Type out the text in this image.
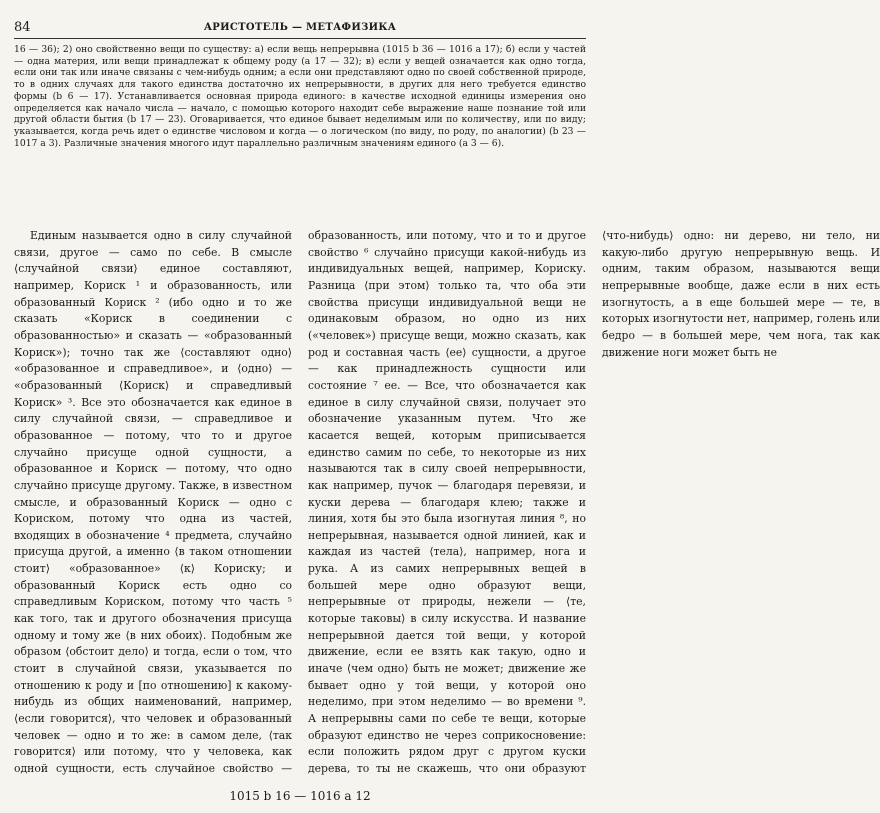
84	АРИСТОТЕЛЬ — МЕТАФИЗИКА

16 — 36); 2) оно свойственно вещи по существу: а) если вещь непрерывна (1015 b 36 — 1016 a 17); б) если у частей — одна материя, или вещи принадлежат к общему роду (a 17 — 32); в) если у вещей означается как одно тогда, если они так или иначе связаны с чем-нибудь одним; а если они представляют одно по своей собственной природе, то в одних случаях для такого единства достаточно их непрерывности, в других для него требуется единство формы (b 6 — 17). Устанавливается основная природа единого: в качестве исходной единицы измерения оно определяется как начало числа — начало, с помощью которого находит себе выражение наше познание той или другой области бытия (b 17 — 23). Оговаривается, что единое бывает неделимым или по количеству, или по виду; указывается, когда речь идет о единстве числовом и когда — о логическом (по виду, по роду, по аналогии) (b 23 — 1017 a 3). Различные значения многого идут параллельно различным значениям единого (a 3 — 6).

Единым называется одно в силу случайной связи, другое — само по себе. В смысле ⟨случайной связи⟩ единое составляют, например, Кориск ¹ и образованность, или образованный Кориск ² (ибо одно и то же сказать «Кориск в соединении с образованностью» и сказать — «образованный Кориск»); точно так же ⟨составляют одно⟩ «образованное и справедливое», и ⟨одно⟩ — «образованный ⟨Кориск⟩ и справедливый Кориск» ³. Все это обозначается как единое в силу случайной связи, — справедливое и образованное — потому, что то и другое случайно присуще одной сущности, а образованное и Кориск — потому, что одно случайно присуще другому. Также, в известном смысле, и образованный Кориск — одно с Кориском, потому что одна из частей, входящих в обозначение ⁴ предмета, случайно присуща другой, а именно ⟨в таком отношении стоит⟩ «образованное» ⟨к⟩ Кориску; и образованный Кориск есть одно со справедливым Кориском, потому что часть ⁵ как того, так и другого обозначения присуща одному и тому же ⟨в них обоих⟩. Подобным же образом ⟨обстоит дело⟩ и тогда, если о том, что стоит в случайной связи, указывается по отношению к роду и [по отношению] к какому-нибудь из общих наименований, например, ⟨если говорится⟩, что человек и образованный человек — одно и то же: в самом деле, ⟨так говорится⟩ или потому, что у человека, как одной сущности, есть случайное свойство — образованность, или потому, что и то и другое свойство ⁶ случайно присущи какой-нибудь из индивидуальных вещей, например, Кориску. Разница ⟨при этом⟩ только та, что оба эти свойства присущи индивидуальной вещи не одинаковым образом, но одно из них («человек») присуще вещи, можно сказать, как род и составная часть ⟨ее⟩ сущности, а другое — как принадлежность сущности или состояние ⁷ ее. — Все, что обозначается как единое в силу случайной связи, получает это обозначение указанным путем. Что же касается вещей, которым приписывается единство самим по себе, то некоторые из них называются так в силу своей непрерывности, как например, пучок — благодаря перевязи, и куски дерева — благодаря клею; также и линия, хотя бы это была изогнутая линия ⁸, но непрерывная, называется одной линией, как и каждая из частей ⟨тела⟩, например, нога и рука. А из самих непрерывных вещей в большей мере одно образуют вещи, непрерывные от природы, нежели — ⟨те, которые таковы⟩ в силу искусства. И название непрерывной дается той вещи, у которой движение, если ее взять как такую, одно и иначе ⟨чем одно⟩ быть не может; движение же бывает одно у той вещи, у которой оно неделимо, при этом неделимо — во времени ⁹. А непрерывны сами по себе те вещи, которые образуют единство не через соприкосновение: если положить рядом друг с другом куски дерева, то ты не скажешь, что они образуют ⟨что-нибудь⟩ одно: ни дерево, ни тело, ни какую-либо другую непрерывную вещь. И одним, таким образом, называются вещи непрерывные вообще, даже если в них есть изогнутость, а в еще большей мере — те, в которых изогнутости нет, например, голень или бедро — в большей мере, чем нога, так как движение ноги может быть не

1015 b 16 — 1016 a 12
